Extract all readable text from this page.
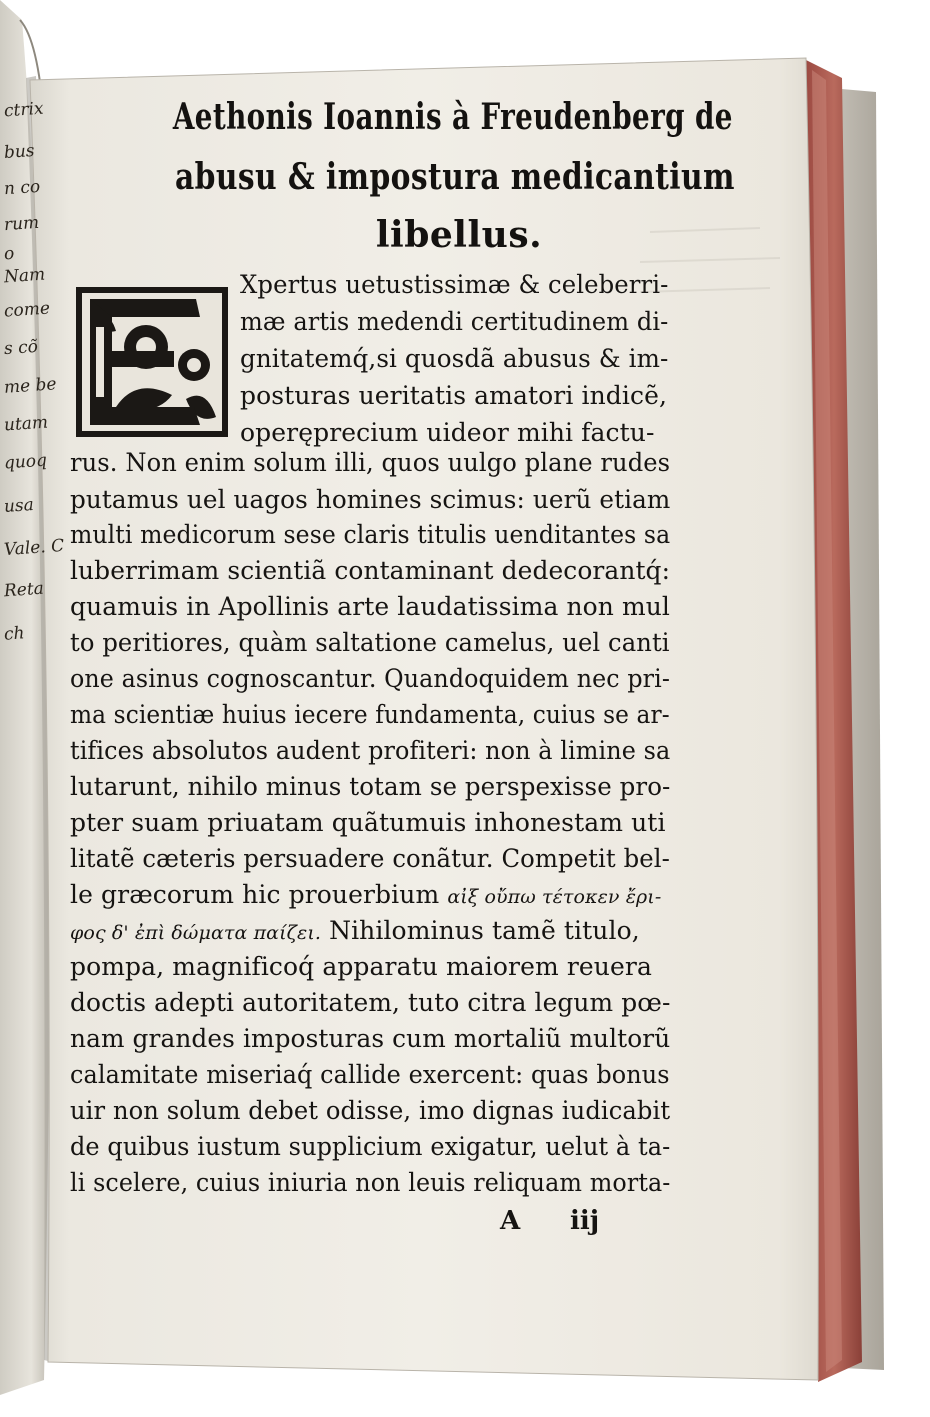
E
ctrix
bus
n co
rum
o
Nam
come
s cõ
me be
utam
quoq
usa
Vale. C
Reta
ch
Aethonis Ioannis à Freudenberg de
abusu & impostura medicantium
libellus.
Xpertus uetustissimæ & celeberri-
mæ artis medendi certitudinem di-
gnitatemq́,si quosdã abusus & im-
posturas ueritatis amatori indicẽ,
operęprecium uideor mihi factu-
rus. Non enim solum illi, quos uulgo plane rudes
putamus uel uagos homines scimus: uerũ etiam
multi medicorum sese claris titulis uenditantes sa
luberrimam scientiã contaminant dedecorantq́:
quamuis in Apollinis arte laudatissima non mul
to peritiores, quàm saltatione camelus, uel canti
one asinus cognoscantur. Quandoquidem nec pri-
ma scientiæ huius iecere fundamenta, cuius se ar-
tifices absolutos audent profiteri: non à limine sa
lutarunt, nihilo minus totam se perspexisse pro-
pter suam priuatam quãtumuis inhonestam uti
litatẽ cæteris persuadere conãtur. Competit bel-
le græcorum hic prouerbium αἰξ οὔπω τέτοκεν ἔρι-
φος δ' ἐπὶ δώματα παίζει. Nihilominus tamẽ titulo,
pompa, magnificoq́ apparatu maiorem reuera
doctis adepti autoritatem, tuto citra legum pœ-
nam grandes imposturas cum mortaliũ multorũ
calamitate miseriaq́ callide exercent: quas bonus
uir non solum debet odisse, imo dignas iudicabit
de quibus iustum supplicium exigatur, uelut à ta-
li scelere, cuius iniuria non leuis reliquam morta-
A iij
